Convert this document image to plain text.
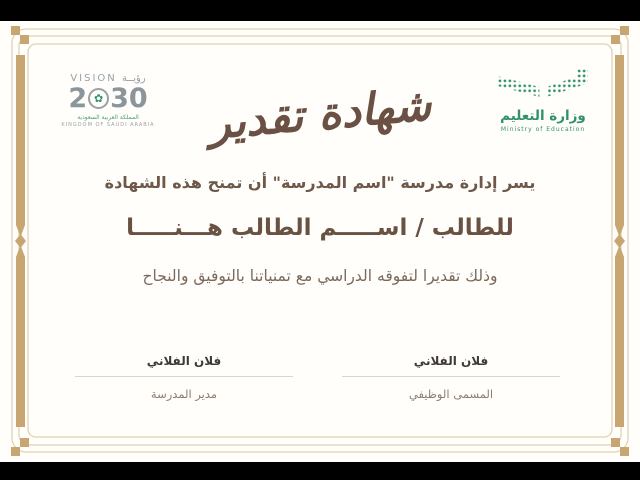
VISION رؤيــة
2 ✿ 30
المملكة العربية السعودية
KINGDOM OF SAUDI ARABIA شهادة تقدير	وزارة التعليم
Ministry of Education
يسر إدارة مدرسة "اسم المدرسة" أن تمنح هذه الشهادة
للطالب / اســـــم الطالب هـــنـــــا
وذلك تقديرا لتفوقه الدراسي مع تمنياتنا بالتوفيق والنجاح
فلان الفلاني
المسمى الوظيفي
فلان الفلاني
مدير المدرسة
